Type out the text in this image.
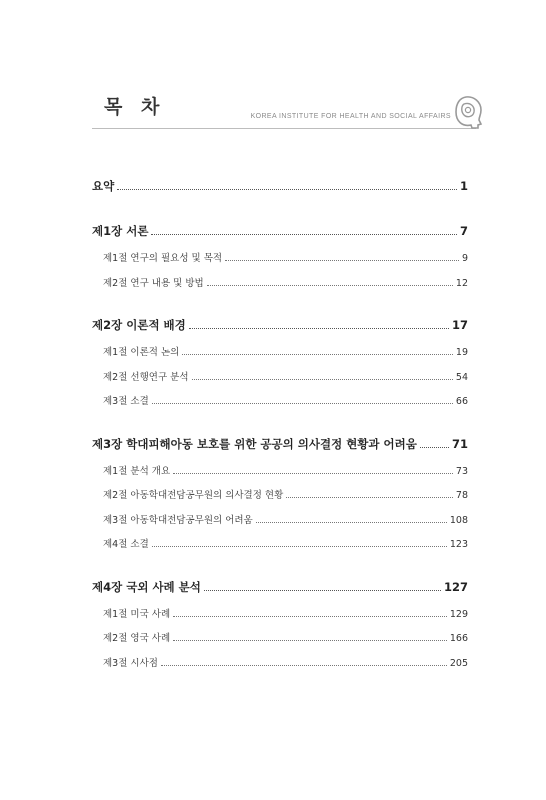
목 차	KOREA INSTITUTE FOR HEALTH AND SOCIAL AFFAIRS
요약	1
제1장 서론	7
제1절 연구의 필요성 및 목적	9
제2절 연구 내용 및 방법	12
제2장 이론적 배경	17
제1절 이론적 논의	19
제2절 선행연구 분석	54
제3절 소결	66
제3장 학대피해아동 보호를 위한 공공의 의사결정 현황과 어려움	71
제1절 분석 개요	73
제2절 아동학대전담공무원의 의사결정 현황	78
제3절 아동학대전담공무원의 어려움	108
제4절 소결	123
제4장 국외 사례 분석	127
제1절 미국 사례	129
제2절 영국 사례	166
제3절 시사점	205
